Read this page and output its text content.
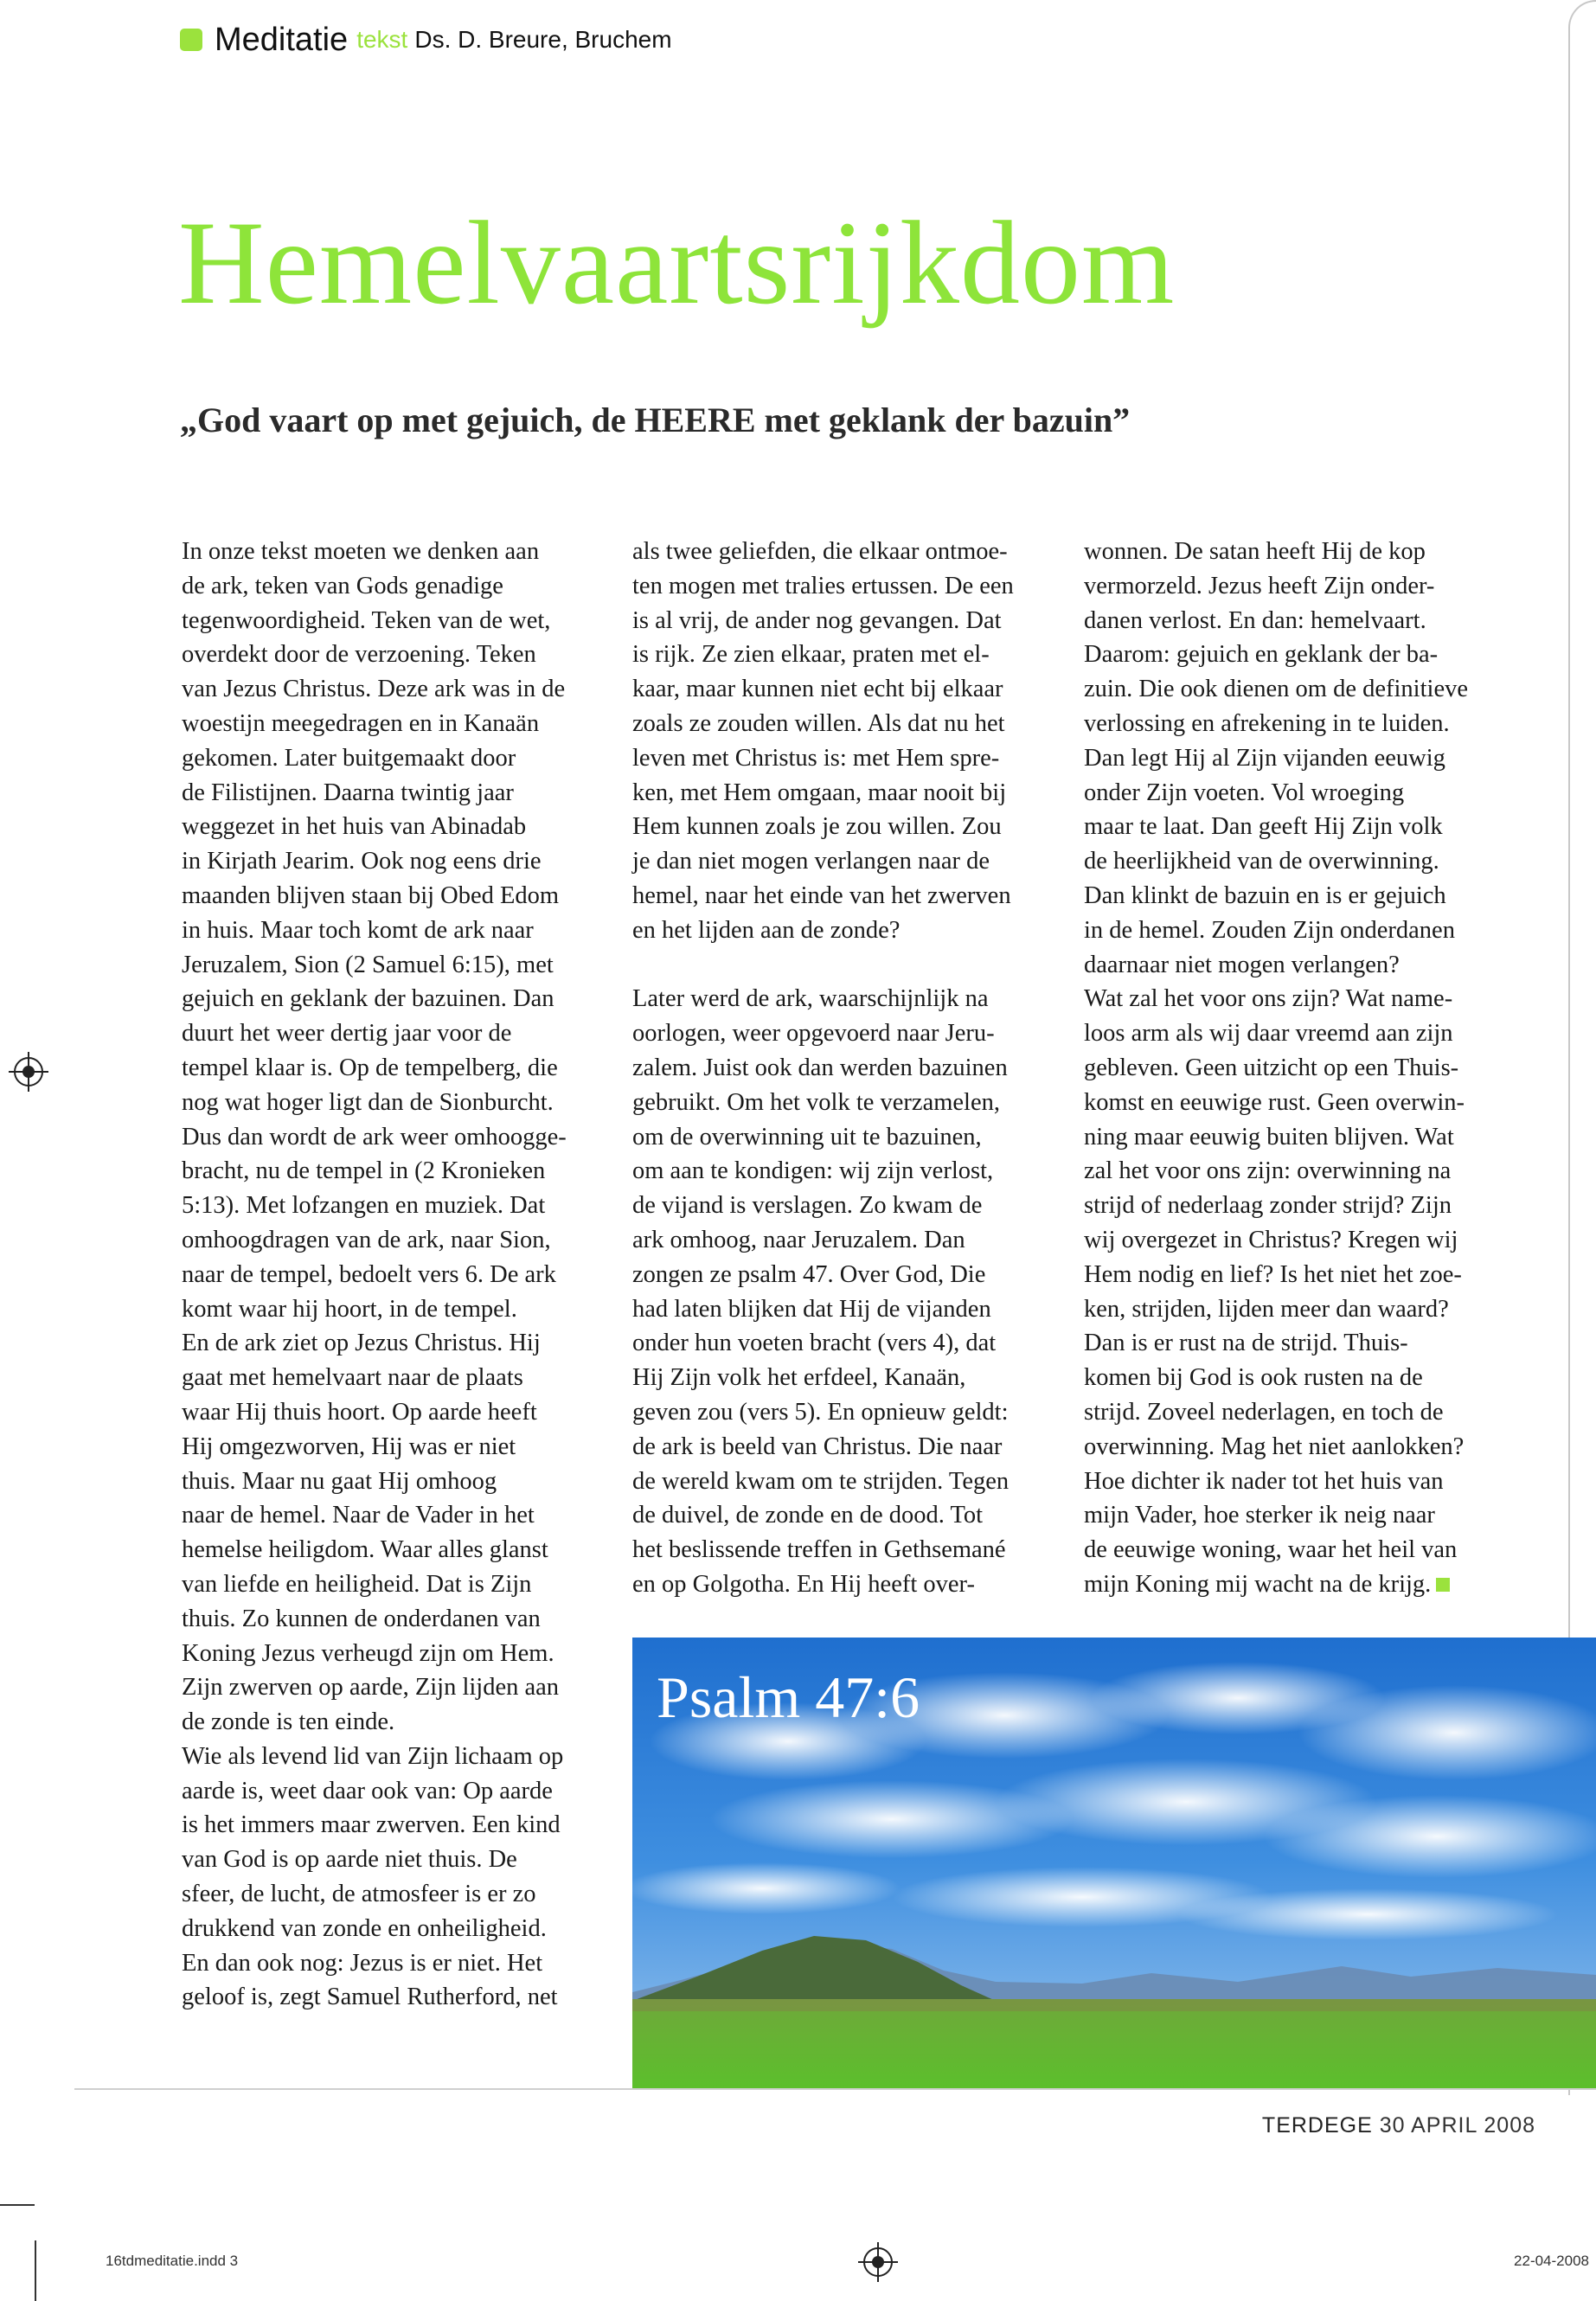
Meditatie tekst Ds. D. Breure, Bruchem
Hemelvaartsrijkdom
„God vaart op met gejuich, de HEERE met geklank der bazuin”

In onze tekst moeten we denken aan
de ark, teken van Gods genadige
tegenwoordigheid. Teken van de wet,
overdekt door de verzoening. Teken
van Jezus Christus. Deze ark was in de
woestijn meegedragen en in Kanaän
gekomen. Later buitgemaakt door
de Filistijnen. Daarna twintig jaar
weggezet in het huis van Abinadab
in Kirjath Jearim. Ook nog eens drie
maanden blijven staan bij Obed Edom
in huis. Maar toch komt de ark naar
Jeruzalem, Sion (2 Samuel 6:15), met
gejuich en geklank der bazuinen. Dan
duurt het weer dertig jaar voor de
tempel klaar is. Op de tempelberg, die
nog wat hoger ligt dan de Sionburcht.
Dus dan wordt de ark weer omhoogge-
bracht, nu de tempel in (2 Kronieken
5:13). Met lofzangen en muziek. Dat
omhoogdragen van de ark, naar Sion,
naar de tempel, bedoelt vers 6. De ark
komt waar hij hoort, in de tempel.

En de ark ziet op Jezus Christus. Hij
gaat met hemelvaart naar de plaats
waar Hij thuis hoort. Op aarde heeft
Hij omgezworven, Hij was er niet
thuis. Maar nu gaat Hij omhoog
naar de hemel. Naar de Vader in het
hemelse heiligdom. Waar alles glanst
van liefde en heiligheid. Dat is Zijn
thuis. Zo kunnen de onderdanen van
Koning Jezus verheugd zijn om Hem.
Zijn zwerven op aarde, Zijn lijden aan
de zonde is ten einde.

Wie als levend lid van Zijn lichaam op
aarde is, weet daar ook van: Op aarde
is het immers maar zwerven. Een kind
van God is op aarde niet thuis. De
sfeer, de lucht, de atmosfeer is er zo
drukkend van zonde en onheiligheid.
En dan ook nog: Jezus is er niet. Het
geloof is, zegt Samuel Rutherford, net

als twee geliefden, die elkaar ontmoe-
ten mogen met tralies ertussen. De een
is al vrij, de ander nog gevangen. Dat
is rijk. Ze zien elkaar, praten met el-
kaar, maar kunnen niet echt bij elkaar
zoals ze zouden willen. Als dat nu het
leven met Christus is: met Hem spre-
ken, met Hem omgaan, maar nooit bij
Hem kunnen zoals je zou willen. Zou
je dan niet mogen verlangen naar de
hemel, naar het einde van het zwerven
en het lijden aan de zonde?

Later werd de ark, waarschijnlijk na
oorlogen, weer opgevoerd naar Jeru-
zalem. Juist ook dan werden bazuinen
gebruikt. Om het volk te verzamelen,
om de overwinning uit te bazuinen,
om aan te kondigen: wij zijn verlost,
de vijand is verslagen. Zo kwam de
ark omhoog, naar Jeruzalem. Dan
zongen ze psalm 47. Over God, Die
had laten blijken dat Hij de vijanden
onder hun voeten bracht (vers 4), dat
Hij Zijn volk het erfdeel, Kanaän,
geven zou (vers 5). En opnieuw geldt:
de ark is beeld van Christus. Die naar
de wereld kwam om te strijden. Tegen
de duivel, de zonde en de dood. Tot
het beslissende treffen in Gethsemané
en op Golgotha. En Hij heeft over-

wonnen. De satan heeft Hij de kop
vermorzeld. Jezus heeft Zijn onder-
danen verlost. En dan: hemelvaart.
Daarom: gejuich en geklank der ba-
zuin. Die ook dienen om de definitieve
verlossing en afrekening in te luiden.
Dan legt Hij al Zijn vijanden eeuwig
onder Zijn voeten. Vol wroeging
maar te laat. Dan geeft Hij Zijn volk
de heerlijkheid van de overwinning.
Dan klinkt de bazuin en is er gejuich
in de hemel. Zouden Zijn onderdanen
daarnaar niet mogen verlangen?

Wat zal het voor ons zijn? Wat name-
loos arm als wij daar vreemd aan zijn
gebleven. Geen uitzicht op een Thuis-
komst en eeuwige rust. Geen overwin-
ning maar eeuwig buiten blijven. Wat
zal het voor ons zijn: overwinning na
strijd of nederlaag zonder strijd? Zijn
wij overgezet in Christus? Kregen wij
Hem nodig en lief? Is het niet het zoe-
ken, strijden, lijden meer dan waard?
Dan is er rust na de strijd. Thuis-
komen bij God is ook rusten na de
strijd. Zoveel nederlagen, en toch de
overwinning. Mag het niet aanlokken?
Hoe dichter ik nader tot het huis van
mijn Vader, hoe sterker ik neig naar
de eeuwige woning, waar het heil van
mijn Koning mij wacht na de krijg.

Psalm 47:6
TERDEGE 30 APRIL 2008
16tdmeditatie.indd 3	22-04-2008
